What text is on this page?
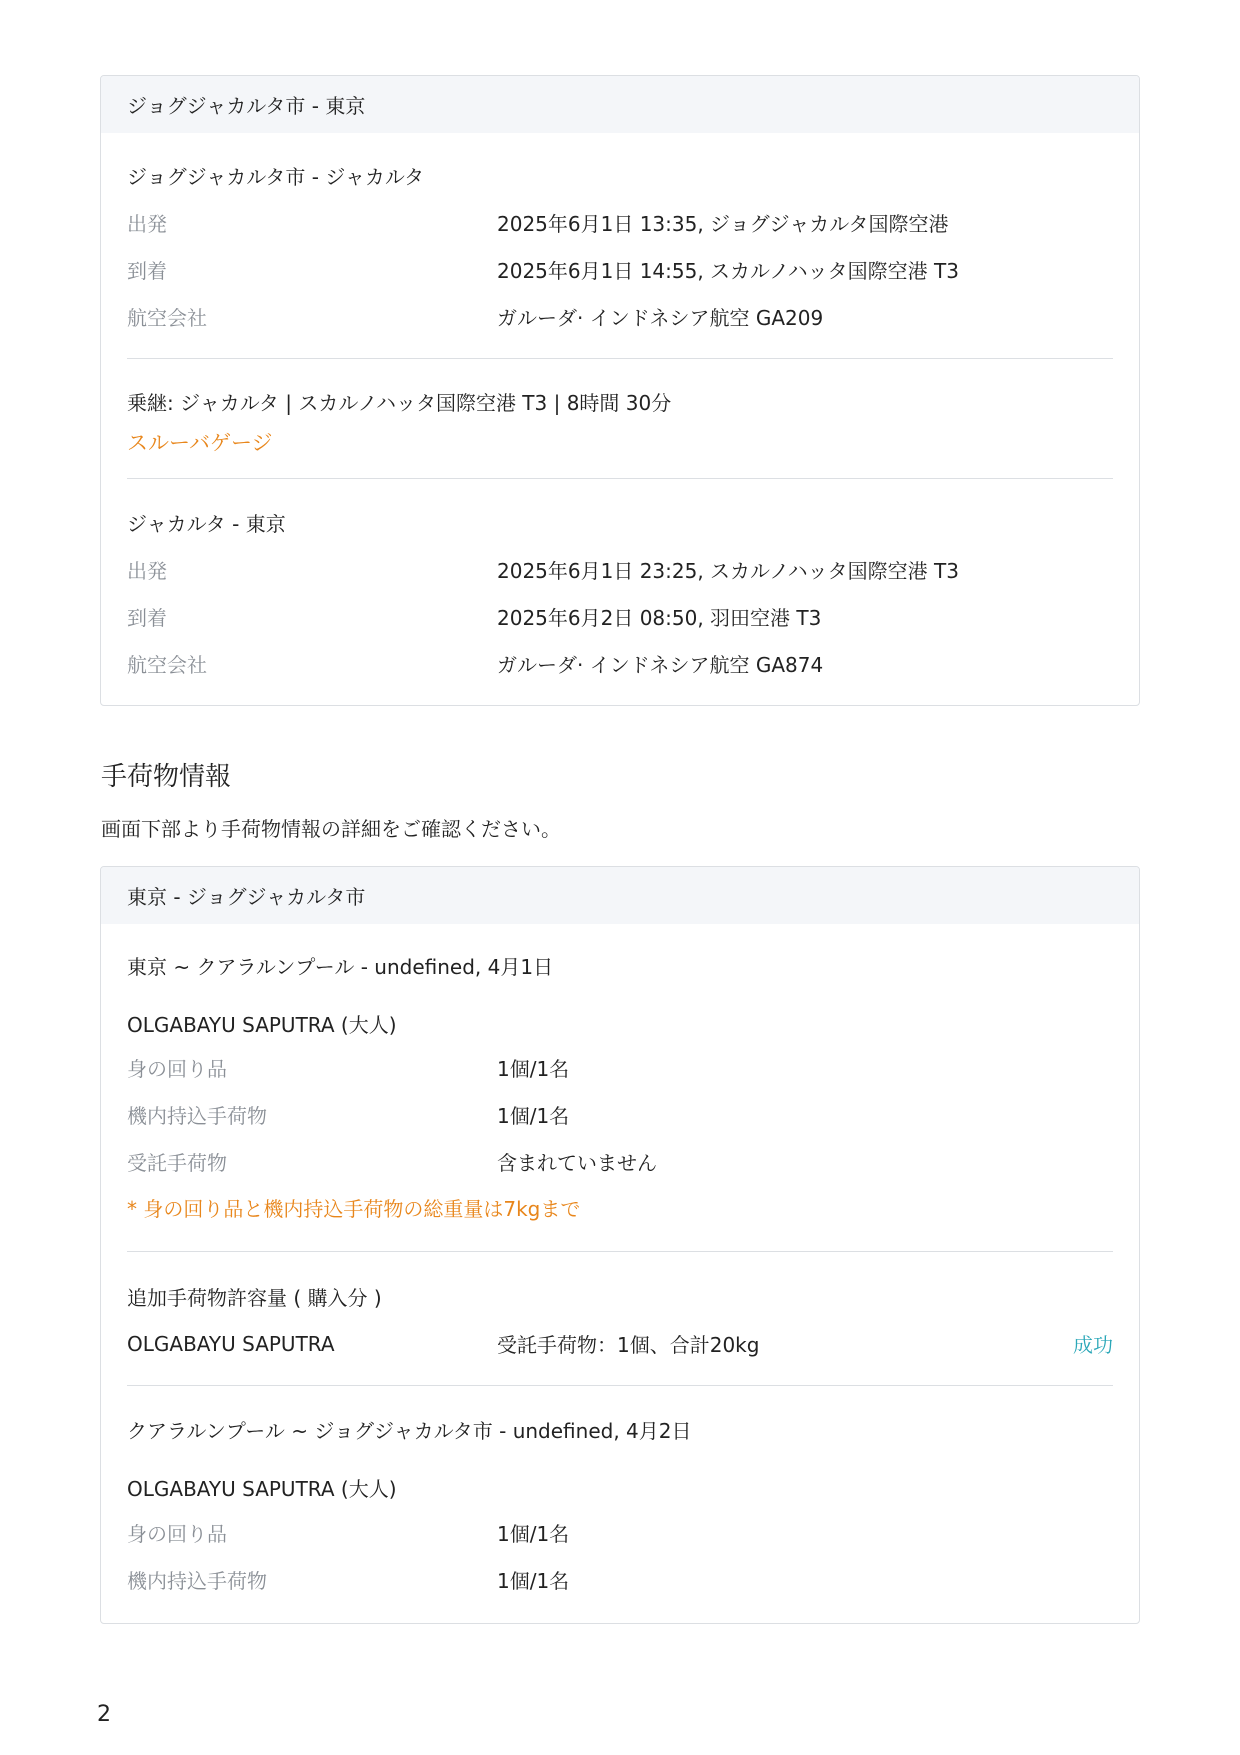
ジョグジャカルタ市 - 東京
ジョグジャカルタ市 - ジャカルタ
出発	2025年6月1日 13:35, ジョグジャカルタ国際空港
到着	2025年6月1日 14:55, スカルノハッタ国際空港 T3
航空会社	ガルーダ· インドネシア航空 GA209
乗継: ジャカルタ | スカルノハッタ国際空港 T3 | 8時間 30分
スルーバゲージ
ジャカルタ - 東京
出発	2025年6月1日 23:25, スカルノハッタ国際空港 T3
到着	2025年6月2日 08:50, 羽田空港 T3
航空会社	ガルーダ· インドネシア航空 GA874
手荷物情報
画面下部より手荷物情報の詳細をご確認ください。
東京 - ジョグジャカルタ市
東京 ~ クアラルンプール - undefined, 4月1日
OLGABAYU SAPUTRA (大人)
身の回り品	1個/1名
機内持込手荷物	1個/1名
受託手荷物	含まれていません
* 身の回り品と機内持込手荷物の総重量は7kgまで
追加手荷物許容量 ( 購入分 )
OLGABAYU SAPUTRA	受託手荷物：1個、合計20kg	成功
クアラルンプール ~ ジョグジャカルタ市 - undefined, 4月2日
OLGABAYU SAPUTRA (大人)
身の回り品	1個/1名
機内持込手荷物	1個/1名
2
